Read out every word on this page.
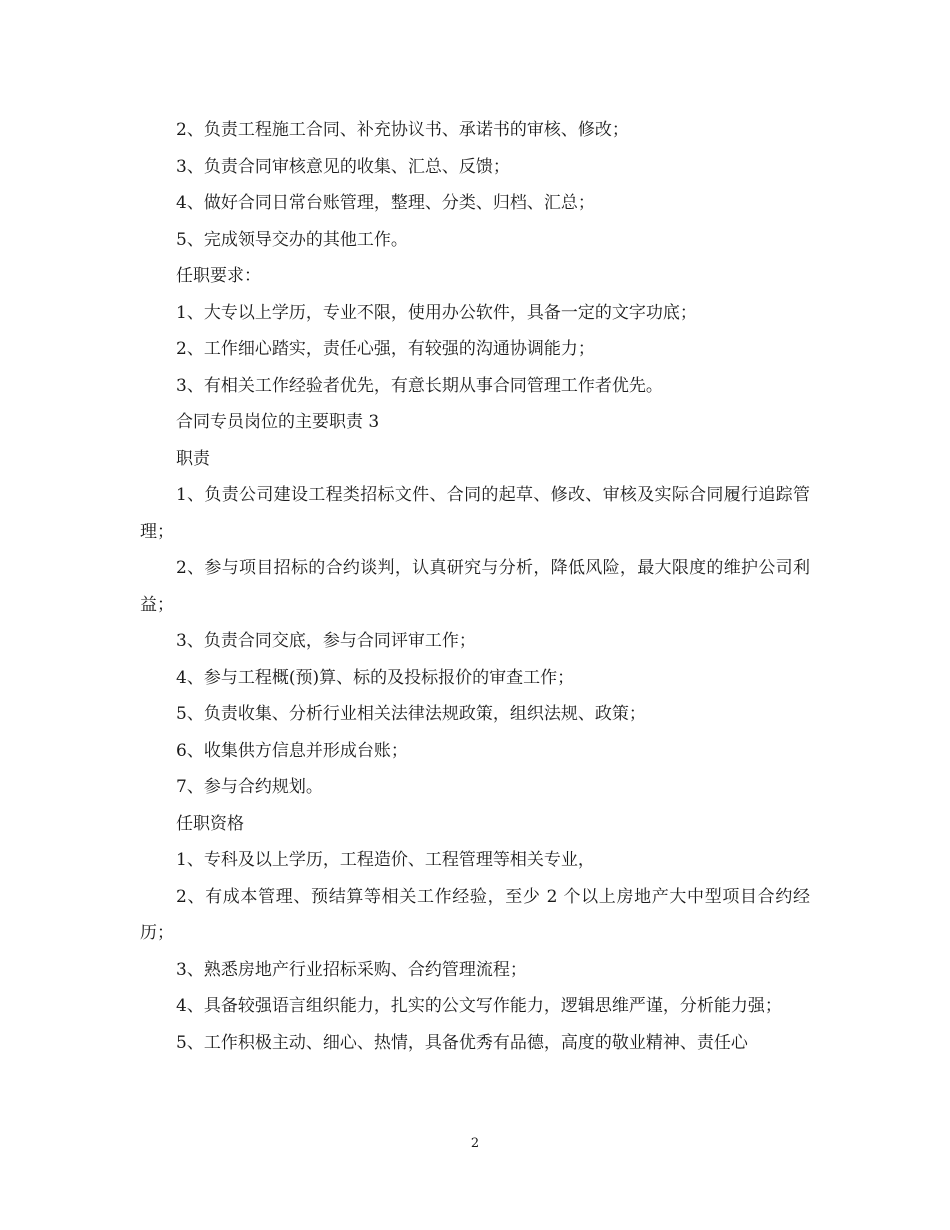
2、负责工程施工合同、补充协议书、承诺书的审核、修改；

3、负责合同审核意见的收集、汇总、反馈；

4、做好合同日常台账管理，整理、分类、归档、汇总；

5、完成领导交办的其他工作。

任职要求：

1、大专以上学历，专业不限，使用办公软件，具备一定的文字功底；

2、工作细心踏实，责任心强，有较强的沟通协调能力；

3、有相关工作经验者优先，有意长期从事合同管理工作者优先。

合同专员岗位的主要职责 3

职责

1、负责公司建设工程类招标文件、合同的起草、修改、审核及实际合同履行追踪管理；

2、参与项目招标的合约谈判，认真研究与分析，降低风险，最大限度的维护公司利益；

3、负责合同交底，参与合同评审工作；

4、参与工程概(预)算、标的及投标报价的审查工作；

5、负责收集、分析行业相关法律法规政策，组织法规、政策；

6、收集供方信息并形成台账；

7、参与合约规划。

任职资格

1、专科及以上学历，工程造价、工程管理等相关专业，

2、有成本管理、预结算等相关工作经验，至少 2 个以上房地产大中型项目合约经历；

3、熟悉房地产行业招标采购、合约管理流程；

4、具备较强语言组织能力，扎实的公文写作能力，逻辑思维严谨，分析能力强；

5、工作积极主动、细心、热情，具备优秀有品德，高度的敬业精神、责任心

2
